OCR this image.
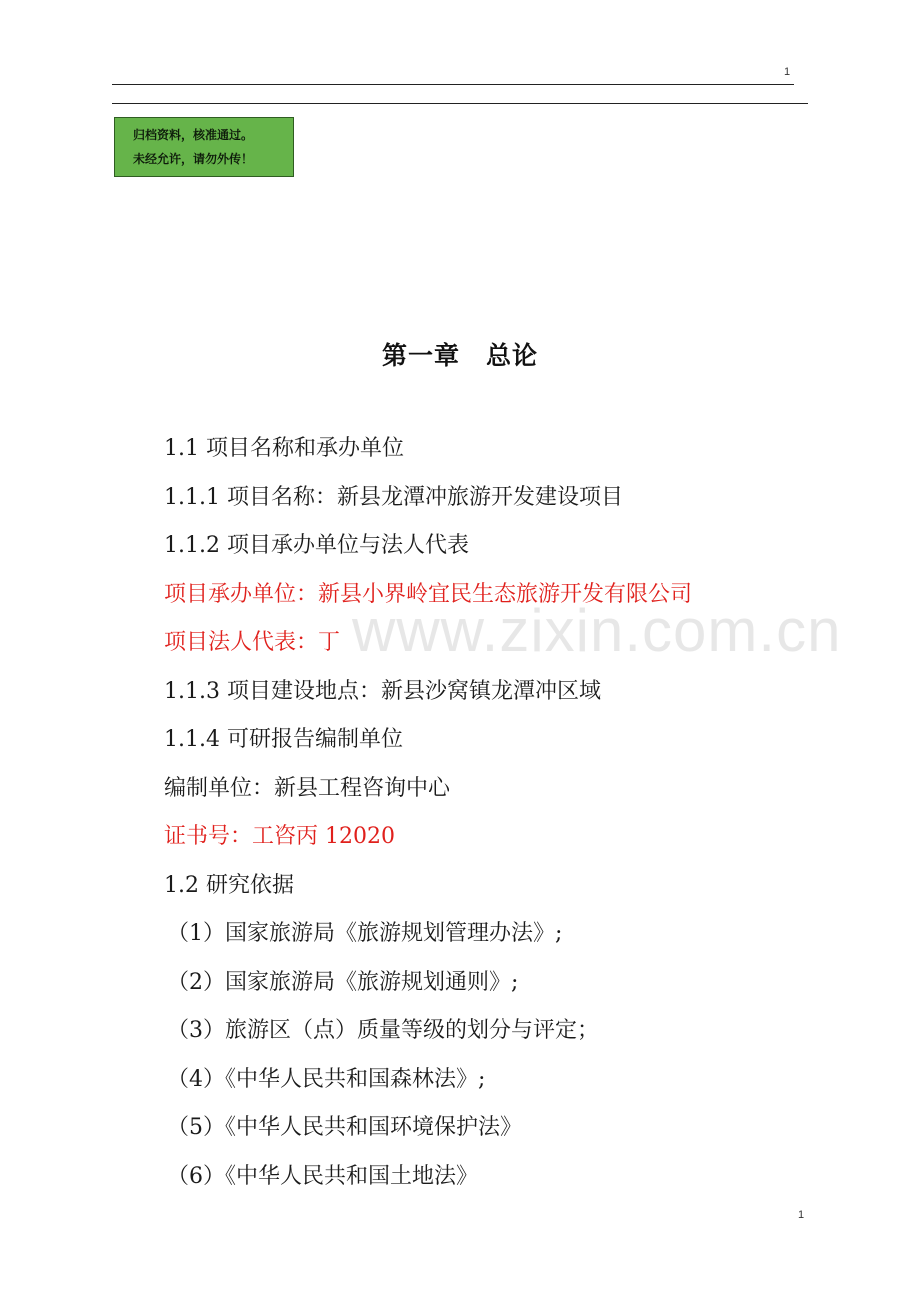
1
归档资料，核准通过。
未经允许，请勿外传！
第一章　总论
1.1 项目名称和承办单位
1.1.1 项目名称：新县龙潭冲旅游开发建设项目
1.1.2 项目承办单位与法人代表
项目承办单位：新县小界岭宜民生态旅游开发有限公司
项目法人代表：丁
1.1.3 项目建设地点：新县沙窝镇龙潭冲区域
1.1.4 可研报告编制单位
编制单位：新县工程咨询中心
证书号：工咨丙 12020
1.2 研究依据
（1）国家旅游局《旅游规划管理办法》;
（2）国家旅游局《旅游规划通则》;
（3）旅游区（点）质量等级的划分与评定；
（4）《中华人民共和国森林法》;
（5）《中华人民共和国环境保护法》
（6）《中华人民共和国土地法》
www.zixin.com.cn
1
